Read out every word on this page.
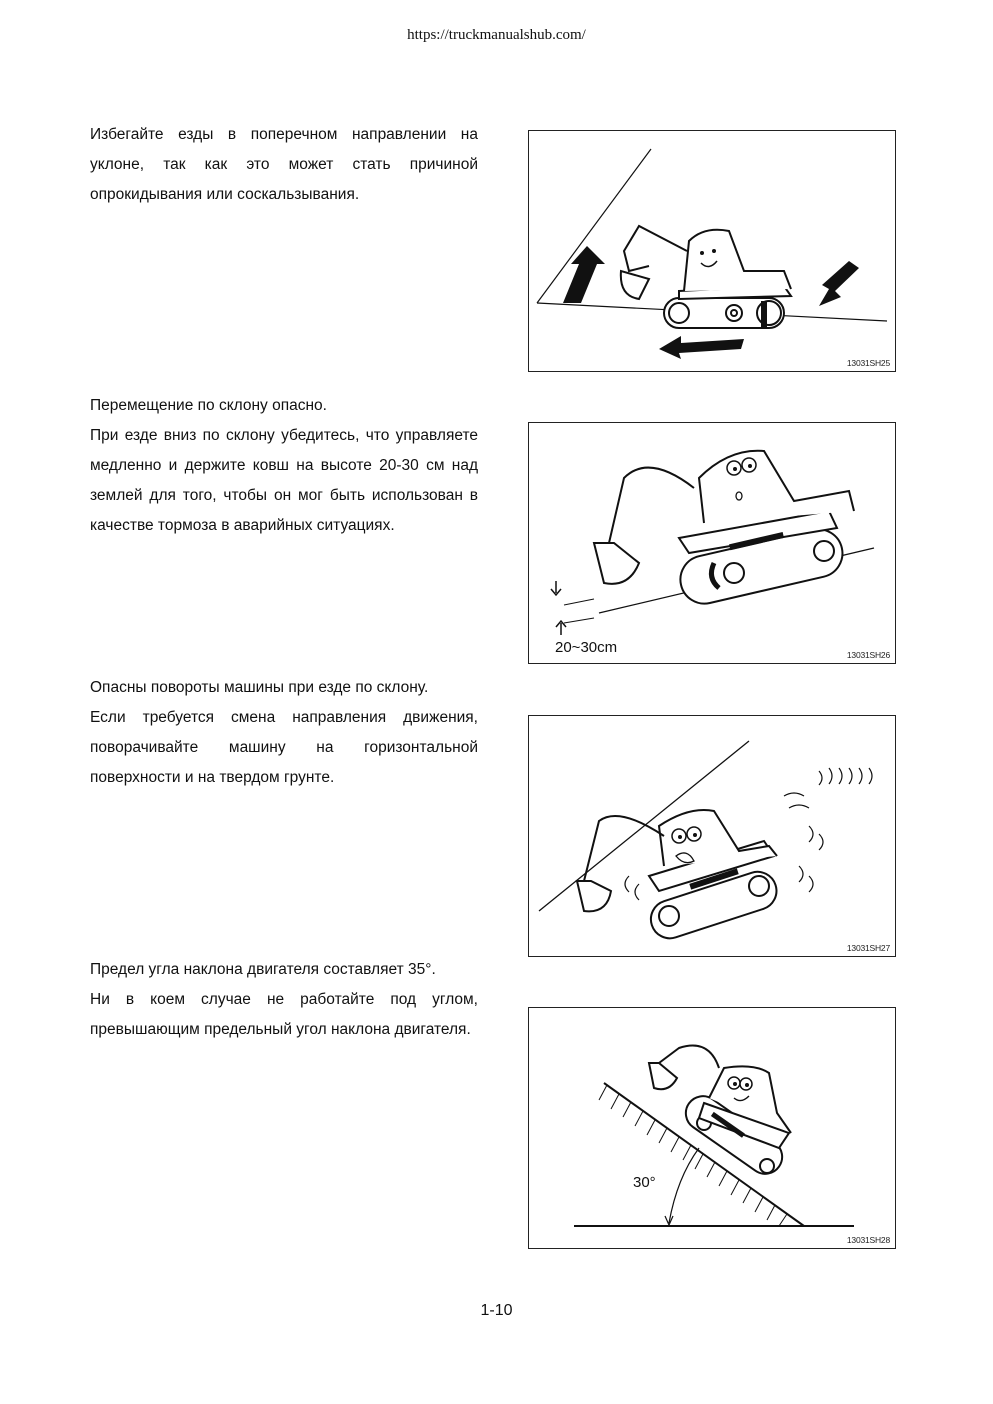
https://truckmanualshub.com/

Избегайте езды в поперечном направлении на уклоне, так как это может стать причиной опрокидывания или соскальзывания.

13031SH25

Перемещение по склону опасно.

При езде вниз по склону убедитесь, что управляете медленно и держите ковш на высоте 20-30 см над землей для того, чтобы он мог быть использован в качестве тормоза в аварийных ситуациях.

20~30cm	13031SH26

Опасны повороты машины при езде по склону.

Если требуется смена направления движения, поворачивайте машину на горизонтальной поверхности и на твердом грунте.

13031SH27

Предел угла наклона двигателя составляет 35°.

Ни в коем случае не работайте под углом, превышающим предельный угол наклона двигателя.

30°
13031SH28
1-10
